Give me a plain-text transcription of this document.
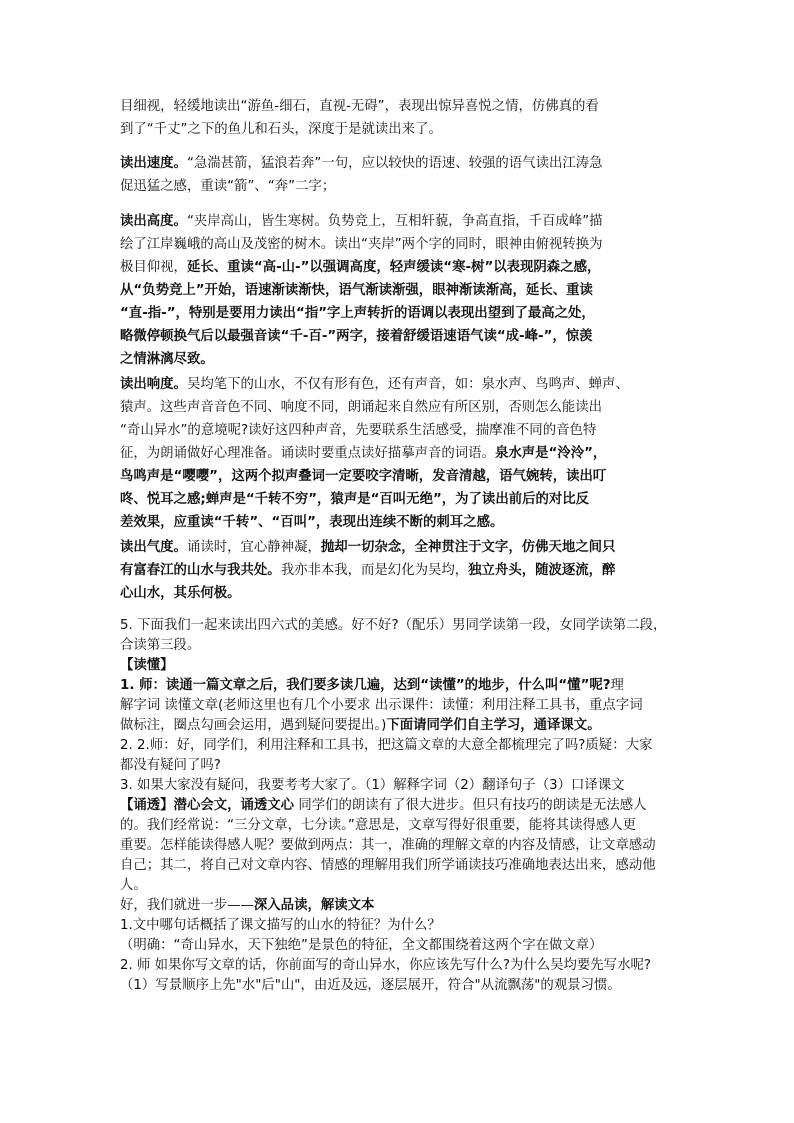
目细视，轻缓地读出“游鱼-细石，直视-无碍”，表现出惊异喜悦之情，仿佛真的看
到了“千丈”之下的鱼儿和石头，深度于是就读出来了。
读出速度。“急湍甚箭，猛浪若奔”一句，应以较快的语速、较强的语气读出江涛急
促迅猛之感，重读“箭”、“奔”二字；
读出高度。“夹岸高山，皆生寒树。负势竞上，互相轩藐，争高直指，千百成峰”描
绘了江岸巍峨的高山及茂密的树木。读出“夹岸”两个字的同时，眼神由俯视转换为
极目仰视，延长、重读“高-山-”以强调高度，轻声缓读“寒-树”以表现阴森之感，
从“负势竞上”开始，语速渐读渐快，语气渐读渐强，眼神渐读渐高，延长、重读
“直-指-”，特别是要用力读出“指”字上声转折的语调以表现出望到了最高之处，
略微停顿换气后以最强音读“千-百-”两字，接着舒缓语速语气读“成-峰-”，惊羡
之情淋漓尽致。
读出响度。吴均笔下的山水，不仅有形有色，还有声音，如：泉水声、鸟鸣声、蝉声、
猿声。这些声音音色不同、响度不同，朗诵起来自然应有所区别，否则怎么能读出
“奇山异水”的意境呢?读好这四种声音，先要联系生活感受，揣摩准不同的音色特
征，为朗诵做好心理准备。诵读时要重点读好描摹声音的词语。泉水声是“泠泠”，
鸟鸣声是“嘤嘤”，这两个拟声叠词一定要咬字清晰，发音清越，语气婉转，读出叮
咚、悦耳之感;蝉声是“千转不穷”，猿声是“百叫无绝”，为了读出前后的对比反
差效果，应重读“千转”、“百叫”，表现出连续不断的刺耳之感。
读出气度。诵读时，宜心静神凝，抛却一切杂念，全神贯注于文字，仿佛天地之间只
有富春江的山水与我共处。我亦非本我，而是幻化为吴均，独立舟头，随波逐流，醉
心山水，其乐何极。
5. 下面我们一起来读出四六式的美感。好不好?（配乐）男同学读第一段，女同学读第二段，
合读第三段。
【读懂】
1. 师：读通一篇文章之后，我们要多读几遍，达到“读懂”的地步，什么叫“懂”呢?理
解字词 读懂文章(老师这里也有几个小要求 出示课件：读懂：利用注释工具书，重点字词
做标注，圈点勾画会运用，遇到疑问要提出。)下面请同学们自主学习，通译课文。
2. 2.师：好，同学们，利用注释和工具书，把这篇文章的大意全都梳理完了吗?质疑：大家
都没有疑问了吗?
3. 如果大家没有疑问，我要考考大家了。（1）解释字词（2）翻译句子（3）口译课文
【诵透】潜心会文，诵透文心 同学们的朗读有了很大进步。但只有技巧的朗读是无法感人
的。我们经常说：“三分文章，七分读。”意思是，文章写得好很重要，能将其读得感人更
重要。怎样能读得感人呢？要做到两点：其一，准确的理解文章的内容及情感，让文章感动
自己；其二，将自己对文章内容、情感的理解用我们所学诵读技巧准确地表达出来，感动他
人。
好，我们就进一步——深入品读，解读文本
1.文中哪句话概括了课文描写的山水的特征？为什么？
（明确：“奇山异水，天下独绝”是景色的特征，全文都围绕着这两个字在做文章）
2. 师 如果你写文章的话，你前面写的奇山异水，你应该先写什么?为什么吴均要先写水呢?
（1）写景顺序上先"水"后"山"，由近及远，逐层展开，符合"从流飘荡"的观景习惯。
